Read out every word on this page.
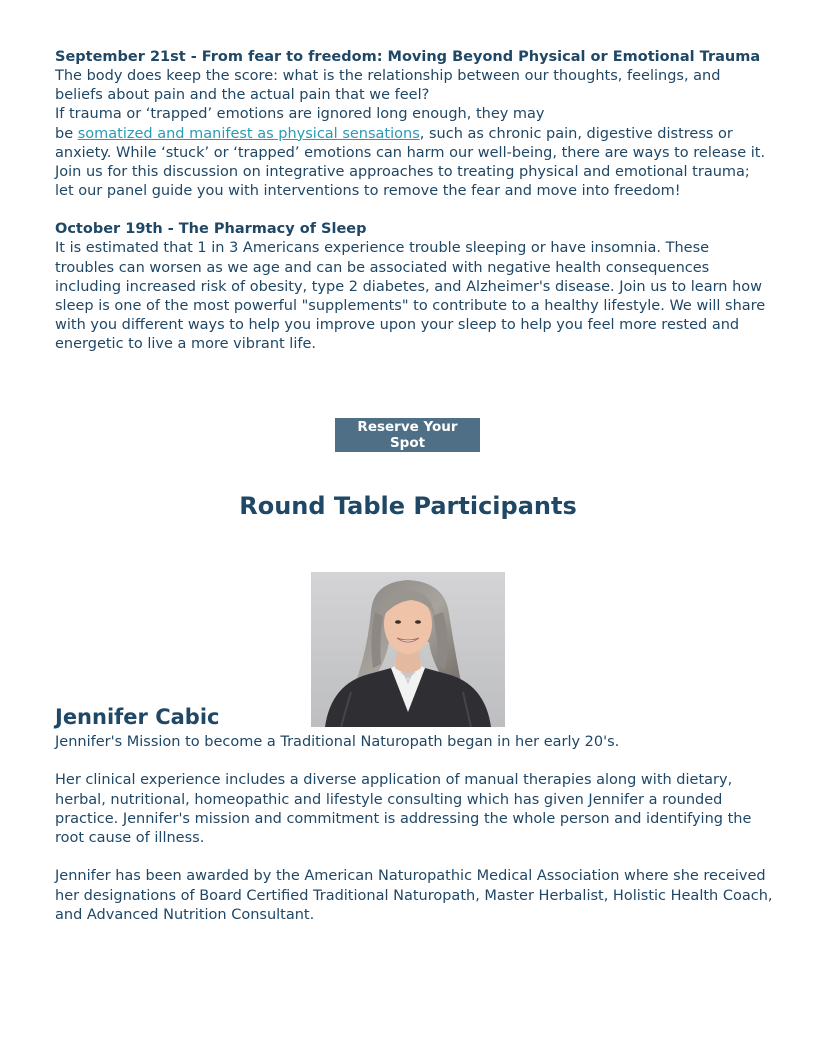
September 21st - From fear to freedom: Moving Beyond Physical or Emotional Trauma

The body does keep the score: what is the relationship between our thoughts, feelings, and beliefs about pain and the actual pain that we feel?

If trauma or ‘trapped’ emotions are ignored long enough, they may
be somatized and manifest as physical sensations, such as chronic pain, digestive distress or anxiety. While ‘stuck’ or ‘trapped’ emotions can harm our well-being, there are ways to release it. Join us for this discussion on integrative approaches to treating physical and emotional trauma; let our panel guide you with interventions to remove the fear and move into freedom!

October 19th - The Pharmacy of Sleep

It is estimated that 1 in 3 Americans experience trouble sleeping or have insomnia. These troubles can worsen as we age and can be associated with negative health consequences including increased risk of obesity, type 2 diabetes, and Alzheimer's disease. Join us to learn how sleep is one of the most powerful "supplements" to contribute to a healthy lifestyle. We will share with you different ways to help you improve upon your sleep to help you feel more rested and energetic to live a more vibrant life.

Reserve Your Spot
Round Table Participants
Jennifer Cabic

Jennifer's Mission to become a Traditional Naturopath began in her early 20's.

Her clinical experience includes a diverse application of manual therapies along with dietary, herbal, nutritional, homeopathic and lifestyle consulting which has given Jennifer a rounded practice. Jennifer's mission and commitment is addressing the whole person and identifying the root cause of illness.

Jennifer has been awarded by the American Naturopathic Medical Association where she received her designations of Board Certified Traditional Naturopath, Master Herbalist, Holistic Health Coach, and Advanced Nutrition Consultant.
